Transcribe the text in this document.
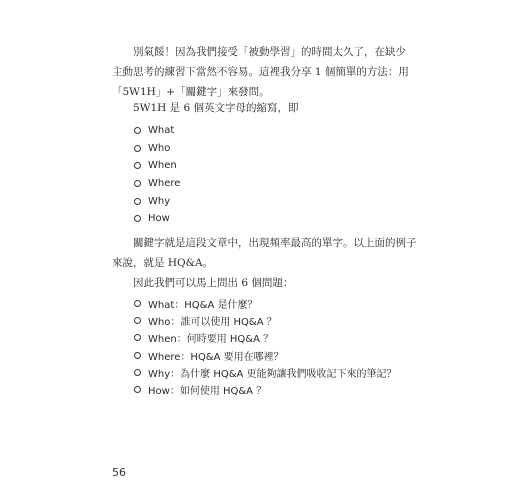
別氣餒！因為我們接受「被動學習」的時間太久了，在缺少
主動思考的練習下當然不容易。這裡我分享 1 個簡單的方法：用
「5W1H」+「關鍵字」來發問。

5W1H 是 6 個英文字母的縮寫，即

What
Who
When
Where
Why
How

關鍵字就是這段文章中，出現頻率最高的單字。以上面的例子
來說，就是 HQ&A。

因此我們可以馬上問出 6 個問題：

What：HQ&A 是什麼？
Who：誰可以使用 HQ&A ？
When：何時要用 HQ&A ？
Where：HQ&A 要用在哪裡？
Why：為什麼 HQ&A 更能夠讓我們吸收記下來的筆記？
How：如何使用 HQ&A ？
56
